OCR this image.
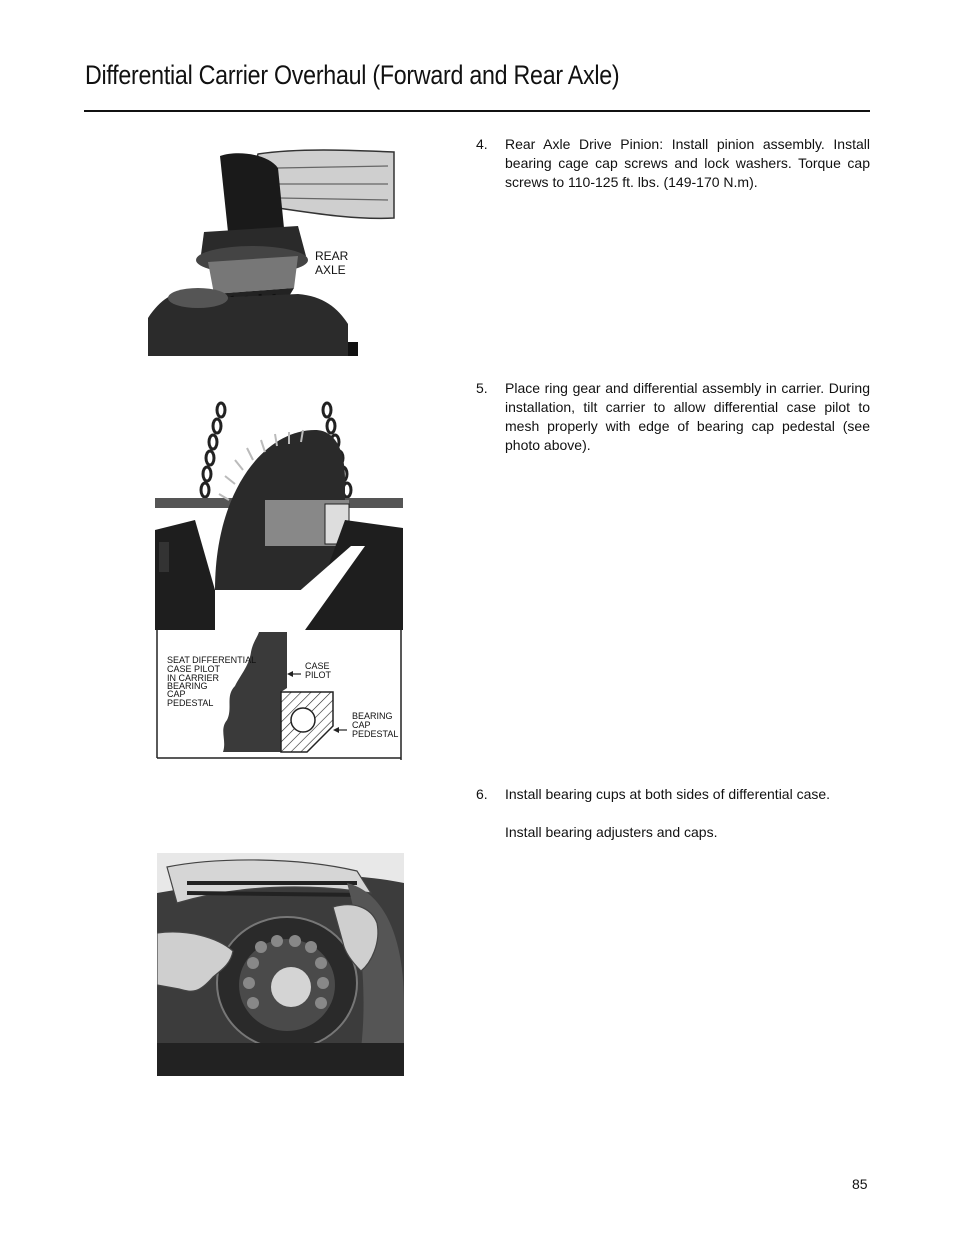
Differential Carrier Overhaul (Forward and Rear Axle)
REAR
AXLE
SEAT DIFFERENTIAL
CASE PILOT
IN CARRIER
BEARING
CAP
PEDESTAL
CASE
PILOT
BEARING
CAP
PEDESTAL
4. Rear Axle Drive Pinion: Install pinion assembly. Install bearing cage cap screws and lock washers. Torque cap screws to 110-125 ft. lbs. (149-170 N.m).
5. Place ring gear and differential assembly in carrier. During installation, tilt carrier to allow differential case pilot to mesh properly with edge of bearing cap pedestal (see photo above).
6. Install bearing cups at both sides of differential case.
Install bearing adjusters and caps.
85
